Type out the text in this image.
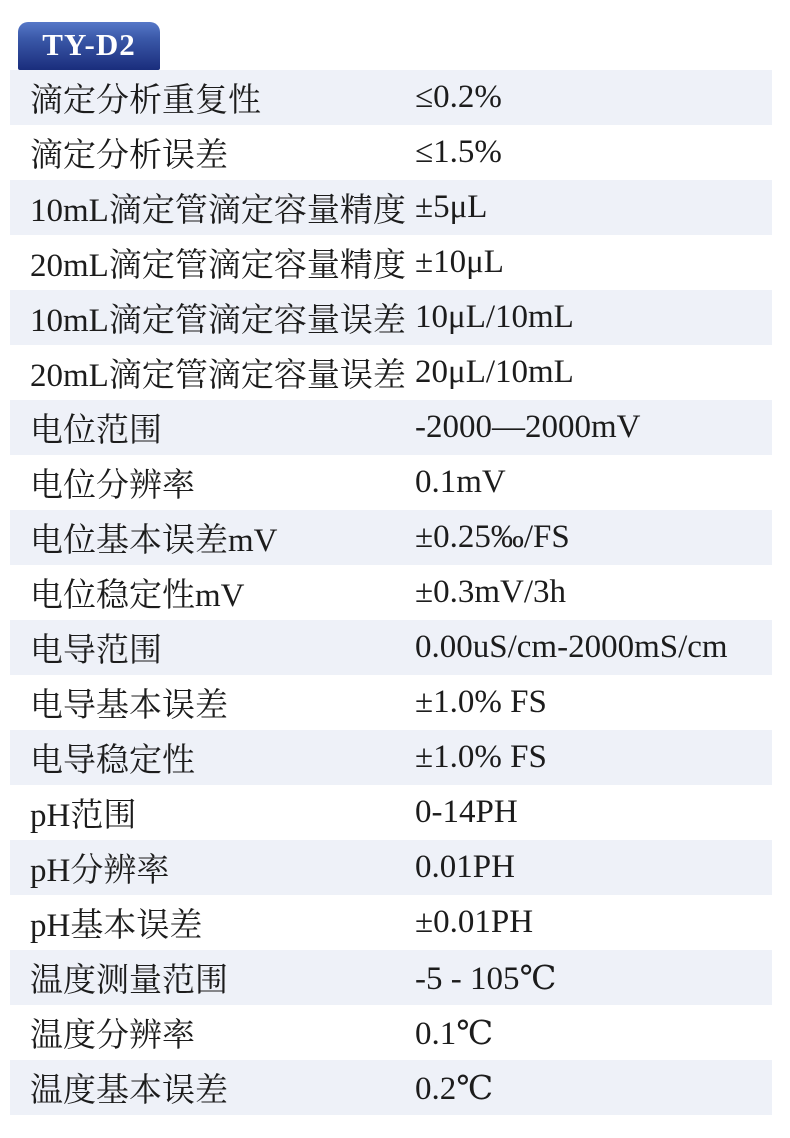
TY-D2
滴定分析重复性	≤0.2%
滴定分析误差	≤1.5%
10mL滴定管滴定容量精度 ±5μL
20mL滴定管滴定容量精度 ±10μL
10mL滴定管滴定容量误差 10μL/10mL
20mL滴定管滴定容量误差 20μL/10mL
电位范围	-2000—2000mV
电位分辨率	0.1mV
电位基本误差mV	±0.25‰/FS
电位稳定性mV	±0.3mV/3h
电导范围	0.00uS/cm-2000mS/cm
电导基本误差	±1.0% FS
电导稳定性	±1.0% FS
pH范围	0-14PH
pH分辨率	0.01PH
pH基本误差	±0.01PH
温度测量范围	-5 - 105℃
温度分辨率	0.1℃
温度基本误差	0.2℃
